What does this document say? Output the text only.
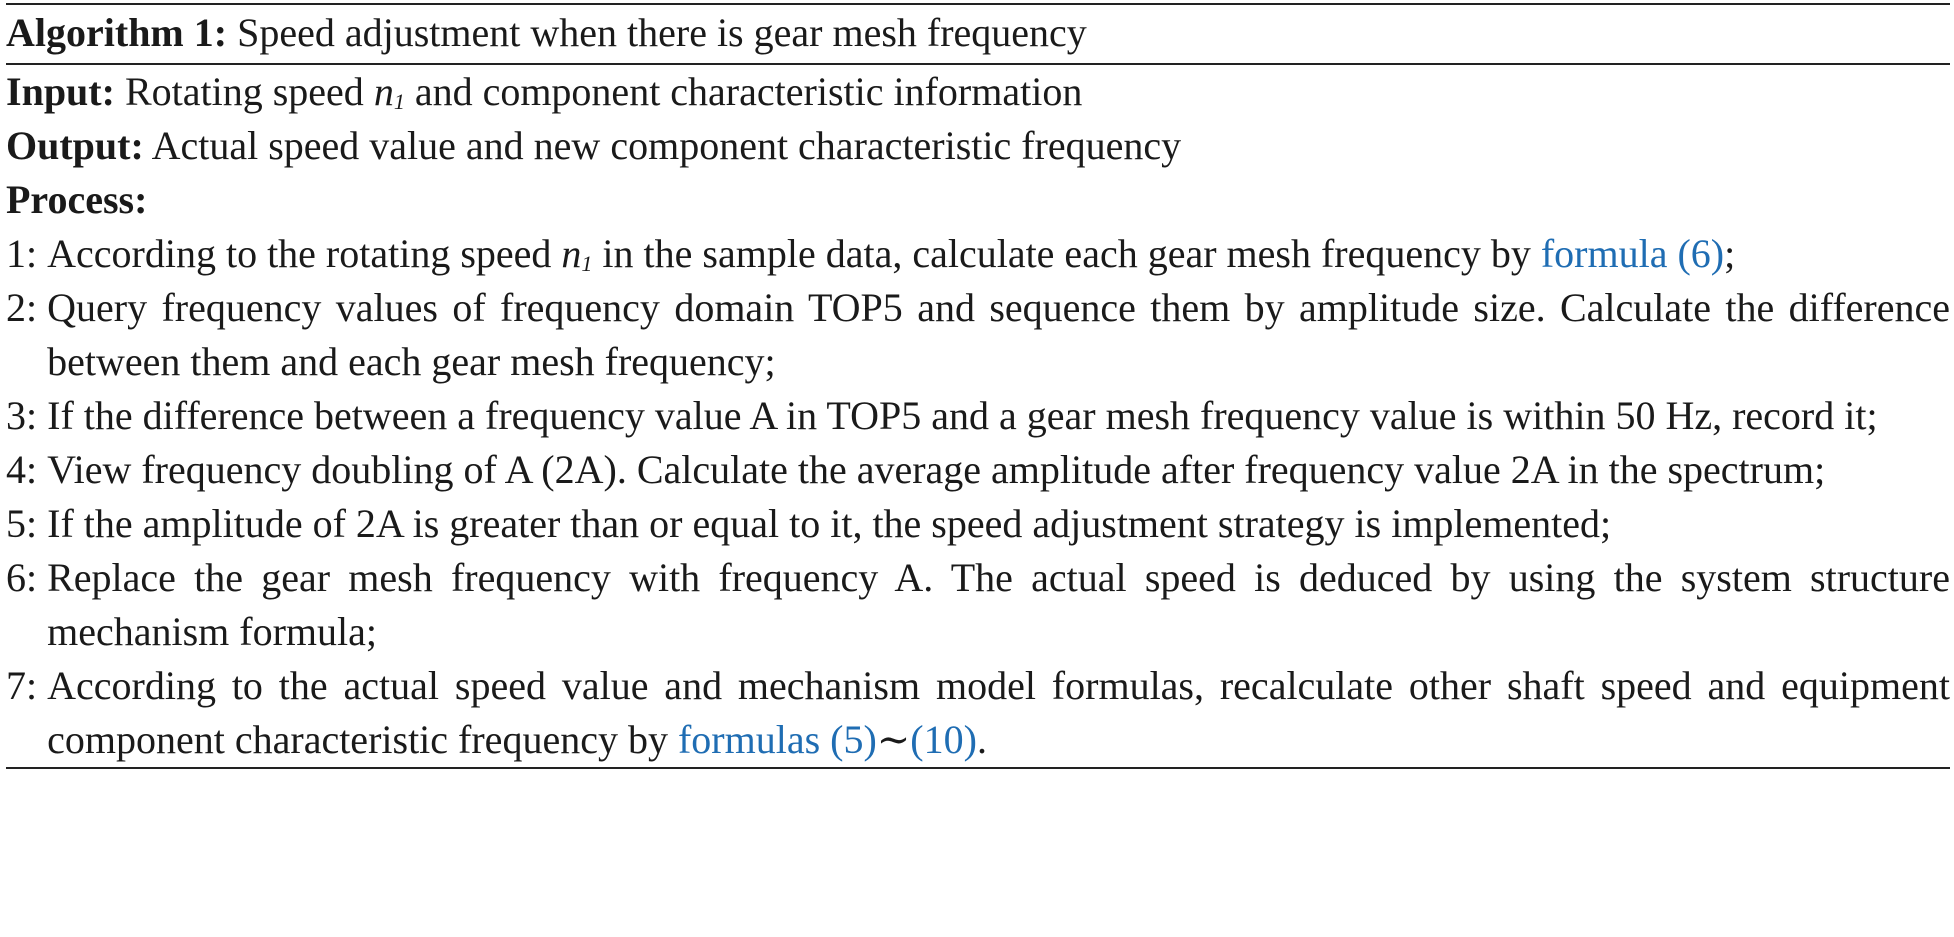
Algorithm 1: Speed adjustment when there is gear mesh frequency
Input: Rotating speed $n_1$ and component characteristic information
Output: Actual speed value and new component characteristic frequency
Process:
1:
According to the rotating speed $n_1$ in the sample data, calculate each gear mesh frequency by formula (6);
2:
Query frequency values of frequency domain TOP5 and sequence them by amplitude size. Calculate the difference between them and each gear mesh frequency;
3:
If the difference between a frequency value A in TOP5 and a gear mesh frequency value is within 50 Hz, record it;
4:
View frequency doubling of A (2A). Calculate the average amplitude after frequency value 2A in the spectrum;
5:
If the amplitude of 2A is greater than or equal to it, the speed adjustment strategy is implemented;
6:
Replace the gear mesh frequency with frequency A. The actual speed is deduced by using the system structure mechanism formula;
7:
According to the actual speed value and mechanism model formulas, recalculate other shaft speed and equipment component characteristic frequency by formulas (5)∼(10).
